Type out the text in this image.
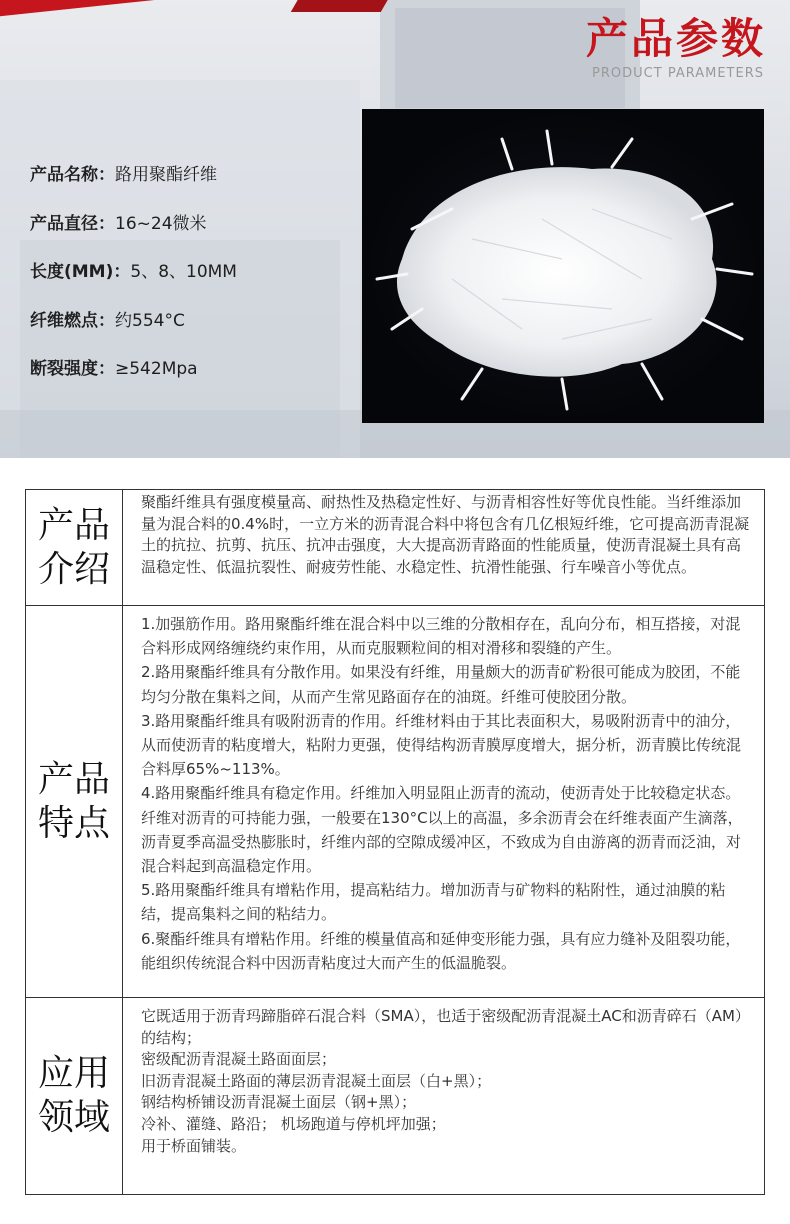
产品参数
PRODUCT PARAMETERS
产品名称：路用聚酯纤维
产品直径：16~24微米
长度(MM)：5、8、10MM
纤维燃点：约554°C
断裂强度：≥542Mpa
产品介绍

聚酯纤维具有强度模量高、耐热性及热稳定性好、与沥青相容性好等优良性能。当纤维添加量为混合料的0.4%时，一立方米的沥青混合料中将包含有几亿根短纤维，它可提高沥青混凝土的抗拉、抗剪、抗压、抗冲击强度，大大提高沥青路面的性能质量，使沥青混凝土具有高温稳定性、低温抗裂性、耐疲劳性能、水稳定性、抗滑性能强、行车噪音小等优点。

产品特点

1.加强筋作用。路用聚酯纤维在混合料中以三维的分散相存在，乱向分布，相互搭接，对混合料形成网络缠绕约束作用，从而克服颗粒间的相对滑移和裂缝的产生。

2.路用聚酯纤维具有分散作用。如果没有纤维，用量颇大的沥青矿粉很可能成为胶团，不能均匀分散在集料之间，从而产生常见路面存在的油斑。纤维可使胶团分散。

3.路用聚酯纤维具有吸附沥青的作用。纤维材料由于其比表面积大，易吸附沥青中的油分，从而使沥青的粘度增大，粘附力更强，使得结构沥青膜厚度增大，据分析，沥青膜比传统混合料厚65%~113%。

4.路用聚酯纤维具有稳定作用。纤维加入明显阻止沥青的流动，使沥青处于比较稳定状态。纤维对沥青的可持能力强，一般要在130°C以上的高温，多余沥青会在纤维表面产生滴落，沥青夏季高温受热膨胀时，纤维内部的空隙成缓冲区，不致成为自由游离的沥青而泛油，对混合料起到高温稳定作用。

5.路用聚酯纤维具有增粘作用，提高粘结力。增加沥青与矿物料的粘附性，通过油膜的粘结，提高集料之间的粘结力。

6.聚酯纤维具有增粘作用。纤维的模量值高和延伸变形能力强，具有应力缝补及阻裂功能，能组织传统混合料中因沥青粘度过大而产生的低温脆裂。

应用领域

它既适用于沥青玛蹄脂碎石混合料（SMA），也适于密级配沥青混凝土AC和沥青碎石（AM）的结构；

密级配沥青混凝土路面面层；

旧沥青混凝土路面的薄层沥青混凝土面层（白+黑）；

钢结构桥铺设沥青混凝土面层（钢+黑）；

冷补、灌缝、路沿； 机场跑道与停机坪加强；

用于桥面铺装。
